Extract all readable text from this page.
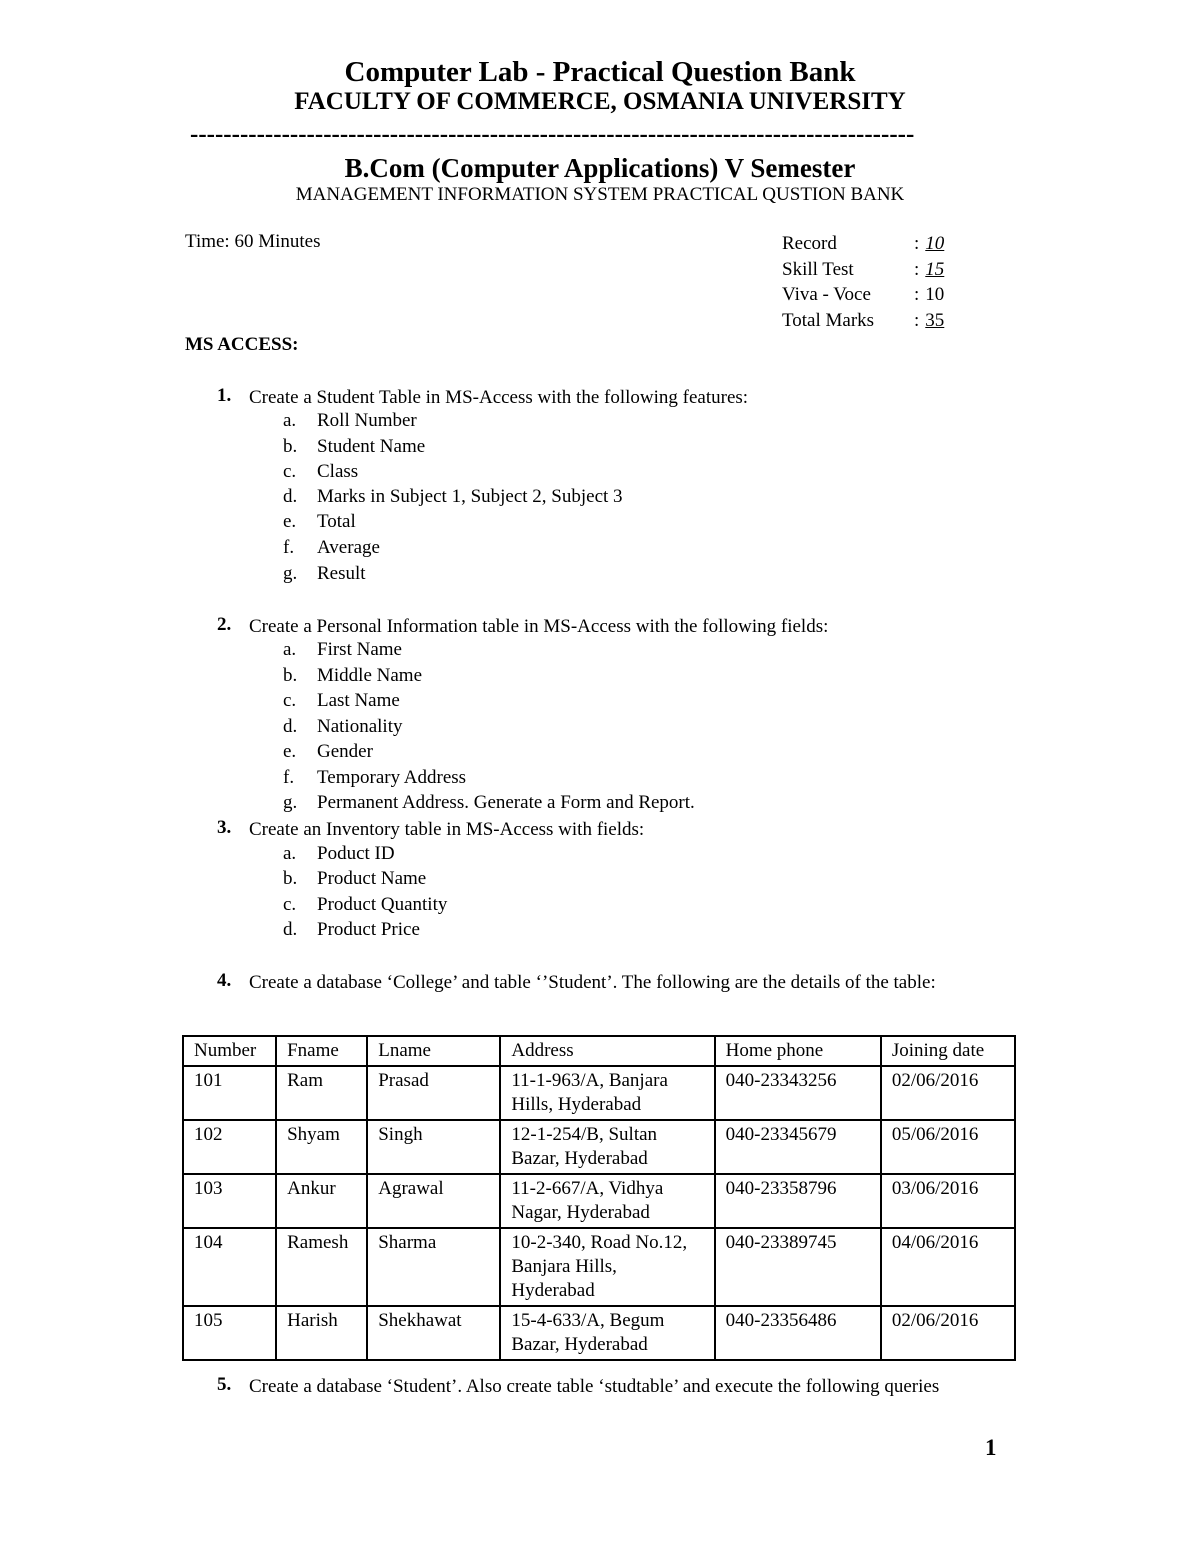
Computer Lab - Practical Question Bank
FACULTY OF COMMERCE, OSMANIA UNIVERSITY
---------------------------------------------------------------------------------------
B.Com (Computer Applications) V Semester
MANAGEMENT INFORMATION SYSTEM PRACTICAL QUSTION BANK
Time: 60 Minutes	Record	: 10
Skill Test	: 15
Viva - Voce	: 10
Total Marks	: 35
MS ACCESS:
1. Create a Student Table in MS-Access with the following features:
a. Roll Number
b. Student Name
c. Class
d. Marks in Subject 1, Subject 2, Subject 3
e. Total
f. Average
g. Result
2. Create a Personal Information table in MS-Access with the following fields:
a. First Name
b. Middle Name
c. Last Name
d. Nationality
e. Gender
f. Temporary Address
g. Permanent Address. Generate a Form and Report.
3. Create an Inventory table in MS-Access with fields:
a. Poduct ID
b. Product Name
c. Product Quantity
d. Product Price
4. Create a database ‘College’ and table ‘’Student’. The following are the details of the table:
Number	Fname	Lname	Address	Home phone	Joining date
101	Ram	Prasad	11-1-963/A, Banjara Hills, Hyderabad	040-23343256	02/06/2016
102	Shyam	Singh	12-1-254/B, Sultan Bazar, Hyderabad	040-23345679	05/06/2016
103	Ankur	Agrawal	11-2-667/A, Vidhya Nagar, Hyderabad	040-23358796	03/06/2016
104	Ramesh	Sharma	10-2-340, Road No.12, Banjara Hills, Hyderabad	040-23389745	04/06/2016
105	Harish	Shekhawat	15-4-633/A, Begum Bazar, Hyderabad	040-23356486	02/06/2016
5. Create a database ‘Student’. Also create table ‘studtable’ and execute the following queries
1
